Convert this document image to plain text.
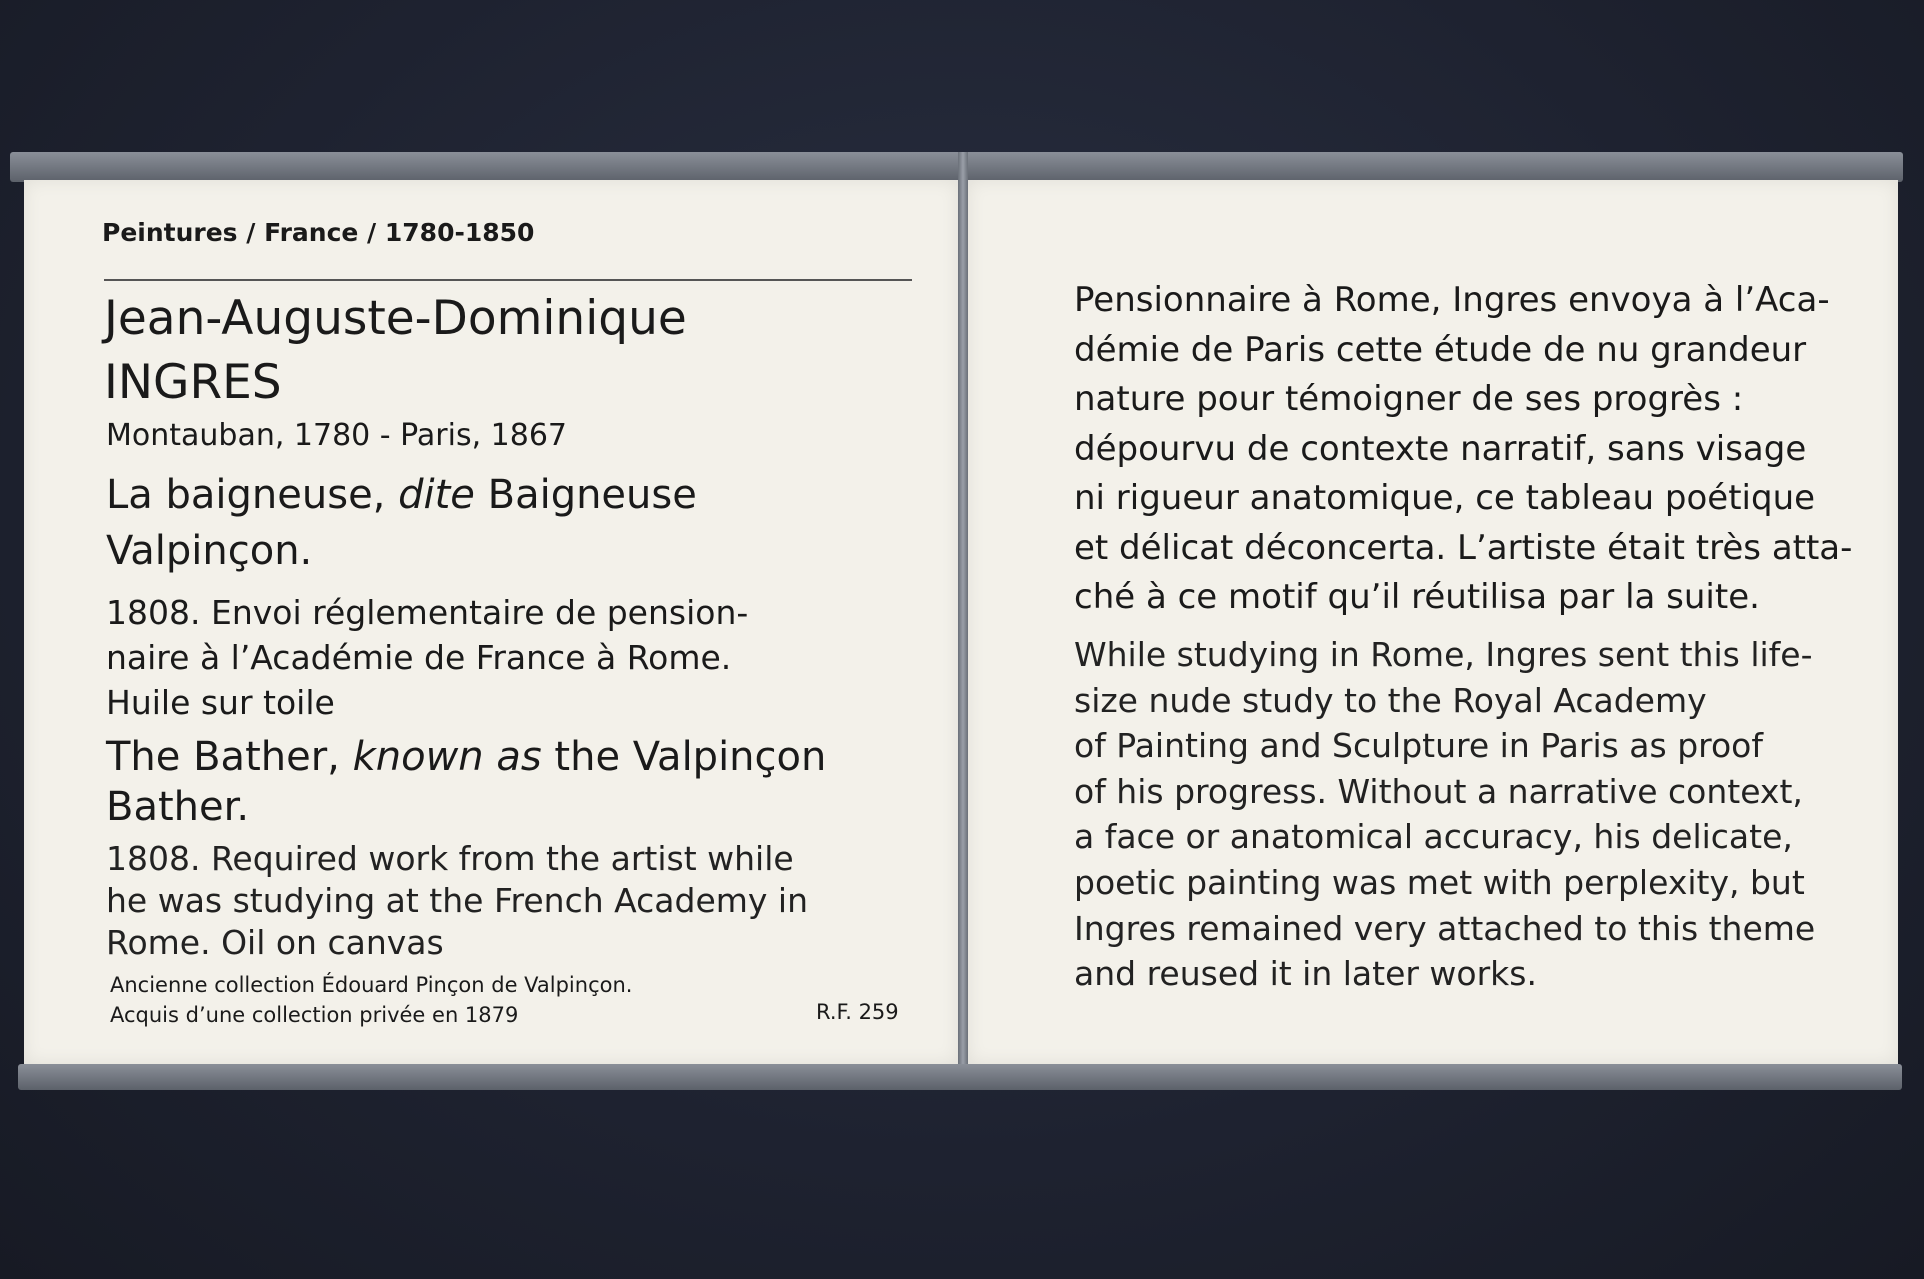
Peintures / France / 1780-1850
Jean-Auguste-Dominique
INGRES
Montauban, 1780 - Paris, 1867
La baigneuse, dite Baigneuse
Valpinçon.
1808. Envoi réglementaire de pension-
naire à l’Académie de France à Rome.
Huile sur toile
The Bather, known as the Valpinçon
Bather.
1808. Required work from the artist while
he was studying at the French Academy in
Rome. Oil on canvas
Ancienne collection Édouard Pinçon de Valpinçon.
Acquis d’une collection privée en 1879	R.F. 259
Pensionnaire à Rome, Ingres envoya à l’Aca-
démie de Paris cette étude de nu grandeur
nature pour témoigner de ses progrès :
dépourvu de contexte narratif, sans visage
ni rigueur anatomique, ce tableau poétique
et délicat déconcerta. L’artiste était très atta-
ché à ce motif qu’il réutilisa par la suite.
While studying in Rome, Ingres sent this life-
size nude study to the Royal Academy
of Painting and Sculpture in Paris as proof
of his progress. Without a narrative context,
a face or anatomical accuracy, his delicate,
poetic painting was met with perplexity, but
Ingres remained very attached to this theme
and reused it in later works.
